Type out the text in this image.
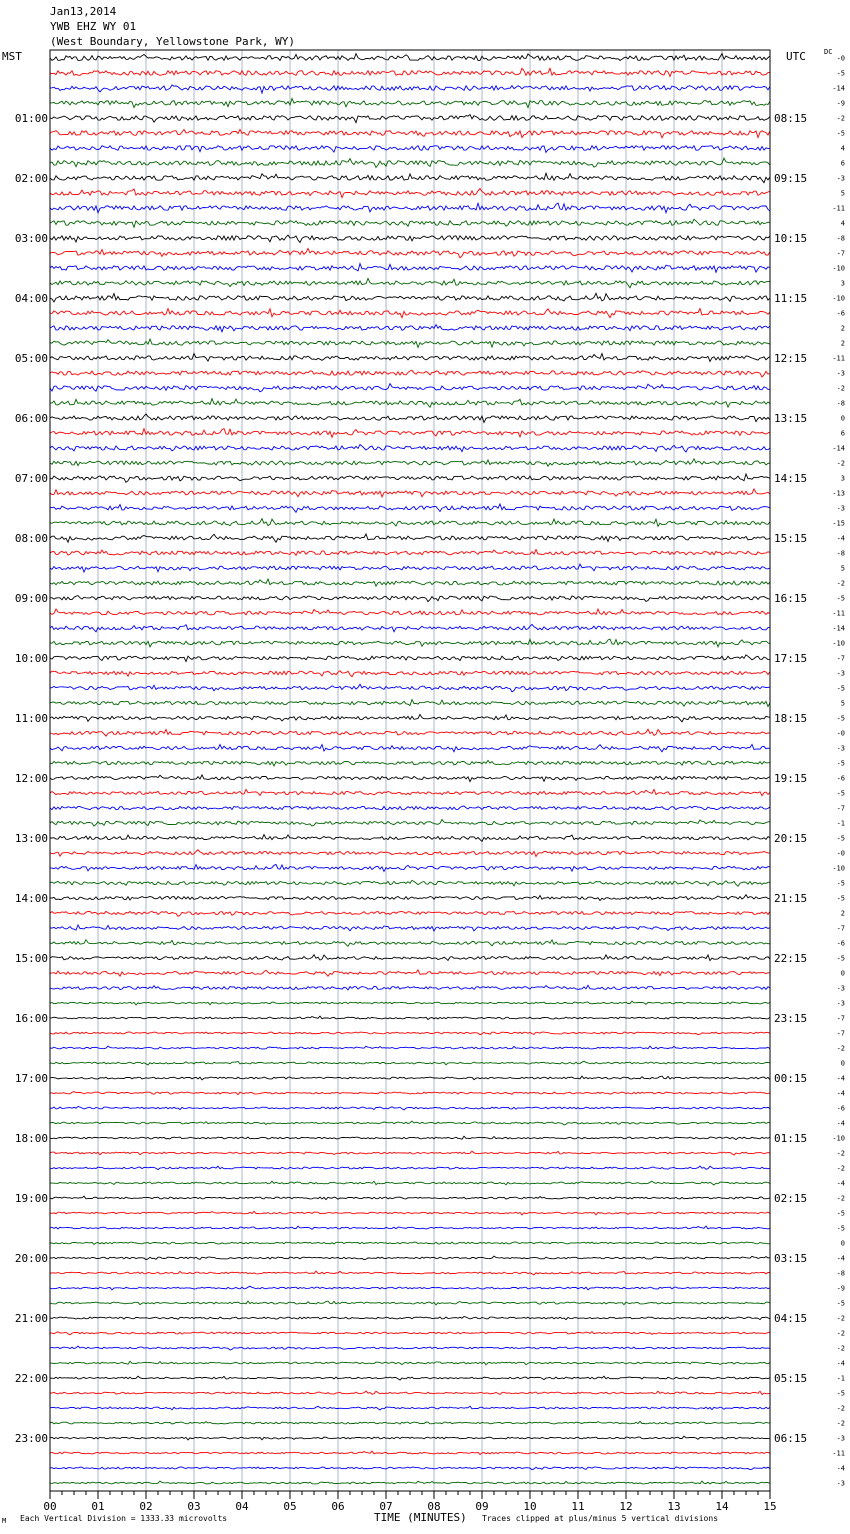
00	01	02	03	04	05	06	07	08	09	10	11	12	13	14	15
-0
-5
-14
-9
-2
-5
4
6
-3
5
-11
4
-8
-7
-10
3
-10
-6
2
2
-11
-3
-2
-8
0
6
-14
-2
3
-13
-3
-15
-4
-8
5
-2
-5
-11
-14
-10
-7
-3
-5
5
-5
-0
-3
-5
-6
-5
-7
-1
-5
-0
-10
-5
-5
2
-7
-6
-5
0
-3
-3
-7
-7
-2
0
-4
-4
-6
-4
-10
-2
-2
-4
-2
-5
-5
0
-4
-8
-9
-5
-2
-2
-2
-4
-1
-5
-2
-2
-3
-11
-4
-3
01:00
02:00
03:00
04:00
05:00
06:00
07:00
08:00
09:00
10:00
11:00
12:00
13:00
14:00
15:00
16:00
17:00
18:00
19:00
20:00
21:00
22:00
23:00
08:15
09:15
10:15
11:15
12:15
13:15
14:15
15:15
16:15
17:15
18:15
19:15
20:15
21:15
22:15
23:15
00:15
01:15
02:15
03:15
04:15
05:15
06:15
Jan13,2014
YWB EHZ WY 01
(West Boundary, Yellowstone Park, WY)
MST	UTC	DC
M Each Vertical Division = 1333.33 microvolts	TIME (MINUTES) Traces clipped at plus/minus 5 vertical divisions
